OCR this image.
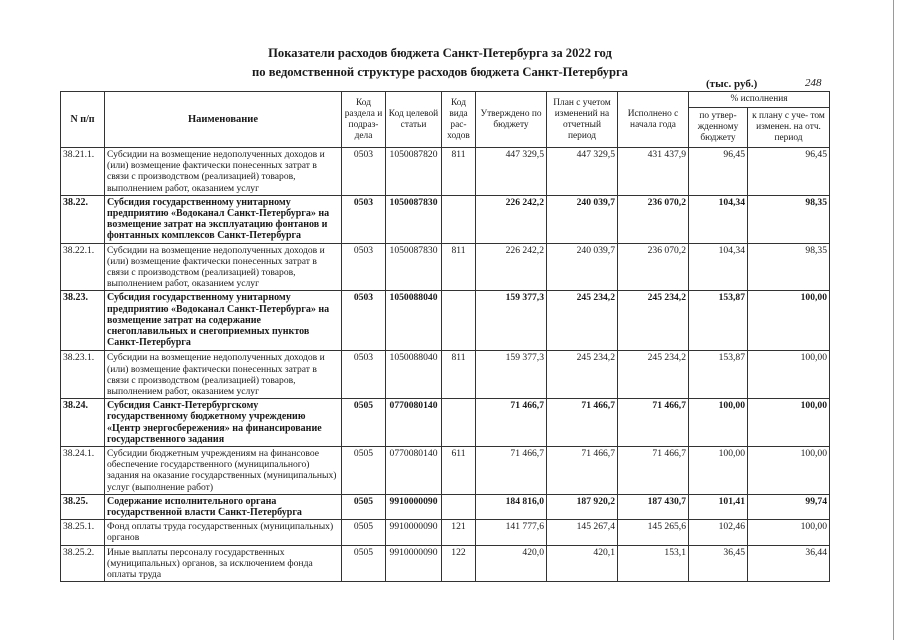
Показатели расходов бюджета Санкт-Петербурга за 2022 год
по ведомственной структуре расходов бюджета Санкт-Петербурга
(тыс. руб.)	248
N п/п	Наименование	Код раздела и подраз- дела	Код целевой статьи	Код вида рас- ходов	Утверждено по бюджету	План с учетом изменений на отчетный период	Исполнено с начала года	% исполнения	
								по утвер- жденному бюджету	к плану с уче- том изменен. на отч. период
38.21.1.	Субсидии на возмещение недополученных доходов и (или) возмещение фактически понесенных затрат в связи с производством (реализацией) товаров, выполнением работ, оказанием услуг	0503	1050087820	811	447 329,5	447 329,5	431 437,9	96,45	96,45
38.22.	Субсидия государственному унитарному предприятию «Водоканал Санкт-Петербурга» на возмещение затрат на эксплуатацию фонтанов и фонтанных комплексов Санкт-Петербурга	0503	1050087830		226 242,2	240 039,7	236 070,2	104,34	98,35
38.22.1.	Субсидии на возмещение недополученных доходов и (или) возмещение фактически понесенных затрат в связи с производством (реализацией) товаров, выполнением работ, оказанием услуг	0503	1050087830	811	226 242,2	240 039,7	236 070,2	104,34	98,35
38.23.	Субсидия государственному унитарному предприятию «Водоканал Санкт-Петербурга» на возмещение затрат на содержание снегоплавильных и снегоприемных пунктов Санкт-Петербурга	0503	1050088040		159 377,3	245 234,2	245 234,2	153,87	100,00
38.23.1.	Субсидии на возмещение недополученных доходов и (или) возмещение фактически понесенных затрат в связи с производством (реализацией) товаров, выполнением работ, оказанием услуг	0503	1050088040	811	159 377,3	245 234,2	245 234,2	153,87	100,00
38.24.	Субсидия Санкт-Петербургскому государственному бюджетному учреждению «Центр энергосбережения» на финансирование государственного задания	0505	0770080140		71 466,7	71 466,7	71 466,7	100,00	100,00
38.24.1.	Субсидии бюджетным учреждениям на финансовое обеспечение государственного (муниципального) задания на оказание государственных (муниципальных) услуг (выполнение работ)	0505	0770080140	611	71 466,7	71 466,7	71 466,7	100,00	100,00
38.25.	Содержание исполнительного органа государственной власти Санкт-Петербурга	0505	9910000090		184 816,0	187 920,2	187 430,7	101,41	99,74
38.25.1.	Фонд оплаты труда государственных (муниципальных) органов	0505	9910000090	121	141 777,6	145 267,4	145 265,6	102,46	100,00
38.25.2.	Иные выплаты персоналу государственных (муниципальных) органов, за исключением фонда оплаты труда	0505	9910000090	122	420,0	420,1	153,1	36,45	36,44
